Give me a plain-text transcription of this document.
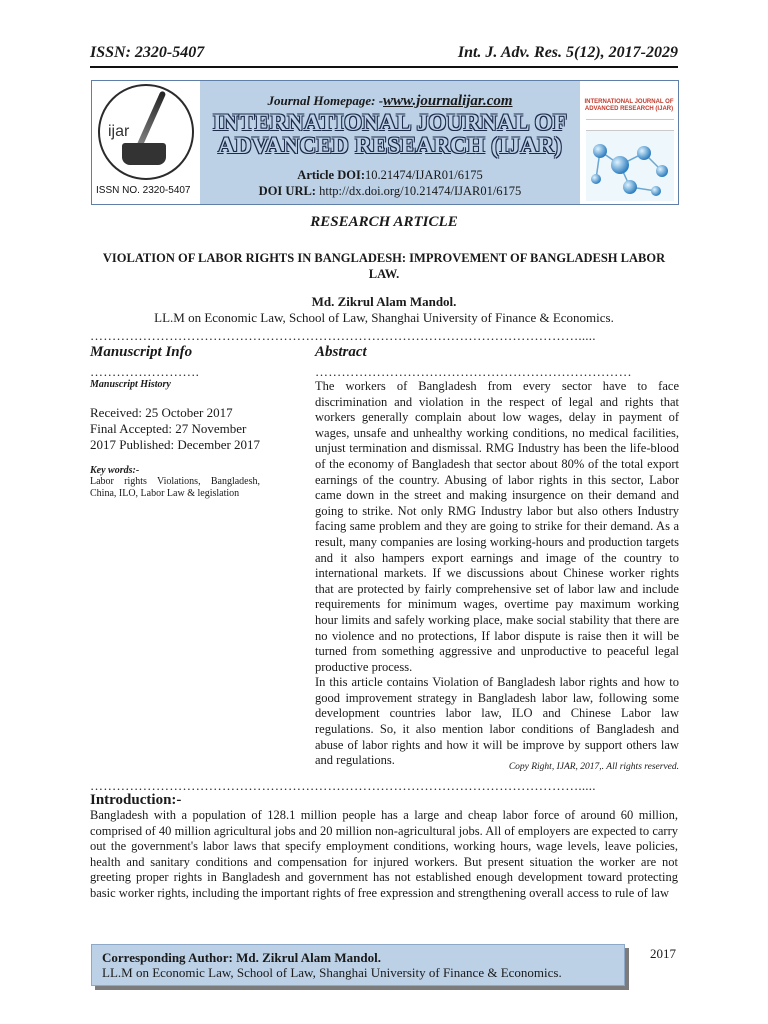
ISSN: 2320-5407	Int. J. Adv. Res. 5(12), 2017-2029
ijar
ISSN NO. 2320-5407
Journal Homepage: -www.journalijar.com
INTERNATIONAL JOURNAL OF
ADVANCED RESEARCH (IJAR)
Article DOI:10.21474/IJAR01/6175
DOI URL: http://dx.doi.org/10.21474/IJAR01/6175
INTERNATIONAL JOURNAL OF ADVANCED RESEARCH (IJAR)
RESEARCH ARTICLE
VIOLATION OF LABOR RIGHTS IN BANGLADESH: IMPROVEMENT OF BANGLADESH LABOR LAW.
Md. Zikrul Alam Mandol.
LL.M on Economic Law, School of Law, Shanghai University of Finance & Economics.
………………………………………………………………………………………………….....
Manuscript Info	Abstract
…………………….	………………………………………………………………
Manuscript History
Received: 25 October 2017
Final Accepted: 27 November
2017 Published: December 2017
Key words:-
Labor rights Violations, Bangladesh, China, ILO, Labor Law & legislation

The workers of Bangladesh from every sector have to face discrimination and violation in the respect of legal and rights that workers generally complain about low wages, delay in payment of wages, unsafe and unhealthy working conditions, no medical facilities, unjust termination and dismissal. RMG Industry has been the life-blood of the economy of Bangladesh that sector about 80% of the total export earnings of the country. Abusing of labor rights in this sector, Labor came down in the street and making insurgence on their demand and going to strike. Not only RMG Industry labor but also others Industry facing same problem and they are going to strike for their demand. As a result, many companies are losing working-hours and production targets and it also hampers export earnings and image of the country to international markets. If we discussions about Chinese worker rights that are protected by fairly comprehensive set of labor law and include requirements for minimum wages, overtime pay maximum working hour limits and safely working place, make social stability that there are no violence and no protections, If labor dispute is raise then it will be turned from something aggressive and unproductive to peaceful legal productive process.

In this article contains Violation of Bangladesh labor rights and how to good improvement strategy in Bangladesh labor law, following some development countries labor law, ILO and Chinese Labor law regulations. So, it also mention labor conditions of Bangladesh and abuse of labor rights and how it will be improve by support others law and regulations.	Copy Right, IJAR, 2017,. All rights reserved.
………………………………………………………………………………………………….....
Introduction:-
Bangladesh with a population of 128.1 million people has a large and cheap labor force of around 60 million, comprised of 40 million agricultural jobs and 20 million non-agricultural jobs. All of employers are expected to carry out the government's labor laws that specify employment conditions, working hours, wage levels, leave policies, health and sanitary conditions and compensation for injured workers. But present situation the worker are not greeting proper rights in Bangladesh and government has not established enough development toward protecting basic worker rights, including the important rights of free expression and strengthening overall access to rule of law
Corresponding Author: Md. Zikrul Alam Mandol.
LL.M on Economic Law, School of Law, Shanghai University of Finance & Economics.
2017
